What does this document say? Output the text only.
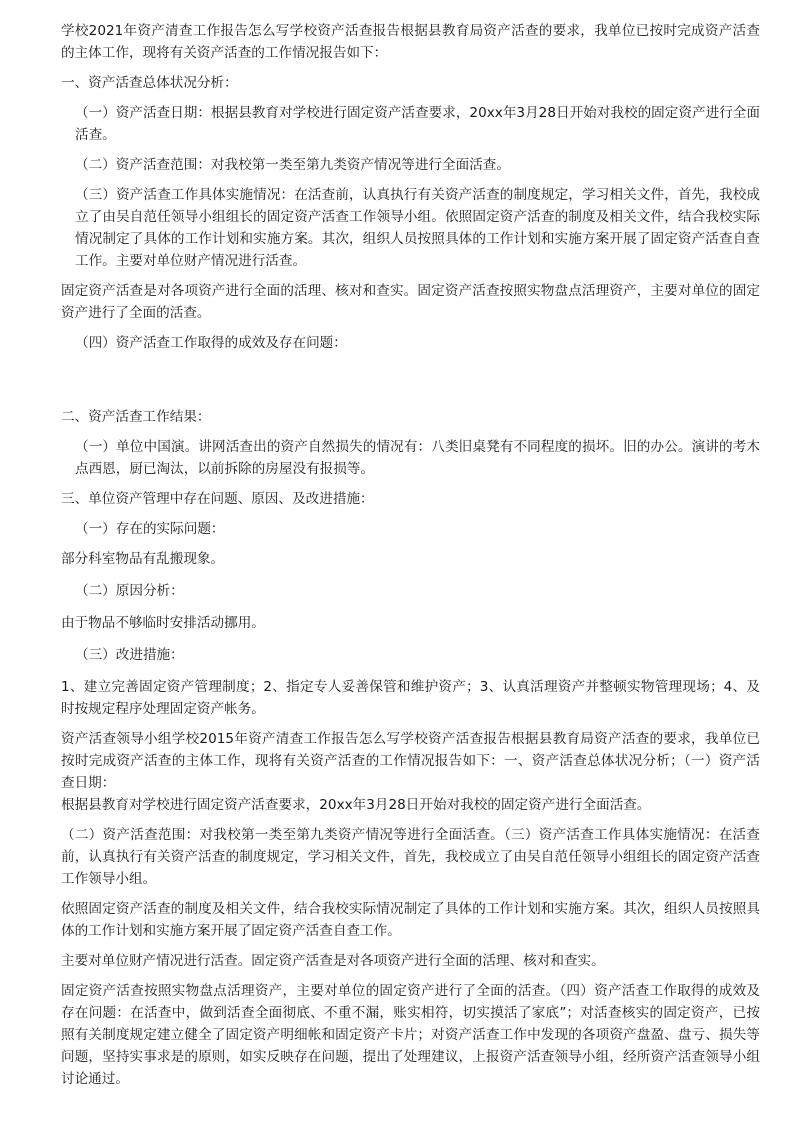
学校2021年资产清查工作报告怎么写学校资产活查报告根据县教育局资产活查的要求，我单位已按时完成资产活查的主体工作，现将有关资产活查的工作情况报告如下：

一、资产活查总体状况分析：

（一）资产活查日期：根据县教育对学校进行固定资产活查要求，20xx年3月28日开始对我校的固定资产进行全面活查。

（二）资产活查范围：对我校第一类至第九类资产情况等进行全面活查。

（三）资产活查工作具体实施情况：在活查前，认真执行有关资产活查的制度规定，学习相关文件，首先，我校成立了由吴自范任领导小组组长的固定资产活查工作领导小组。依照固定资产活查的制度及相关文件，结合我校实际情况制定了具体的工作计划和实施方案。其次，组织人员按照具体的工作计划和实施方案开展了固定资产活查自查工作。主要对单位财产情况进行活查。

固定资产活查是对各项资产进行全面的活理、核对和查实。固定资产活查按照实物盘点活理资产，主要对单位的固定资产进行了全面的活查。

（四）资产活查工作取得的成效及存在问题：

二、资产活查工作结果：

（一）单位中国演。讲网活查出的资产自然损失的情况有：八类旧桌凳有不同程度的损坏。旧的办公。演讲的考木点西恩，厨已淘汰，以前拆除的房屋没有报损等。

三、单位资产管理中存在问题、原因、及改进措施：

（一）存在的实际问题：

部分科室物品有乱搬现象。

（二）原因分析：

由于物品不够临时安排活动挪用。

（三）改进措施：

1、建立完善固定资产管理制度；2、指定专人妥善保管和维护资产；3、认真活理资产并整顿实物管理现场；4、及时按规定程序处理固定资产帐务。

资产活查领导小组学校2015年资产清查工作报告怎么写学校资产活查报告根据县教育局资产活查的要求，我单位已按时完成资产活查的主体工作，现将有关资产活查的工作情况报告如下：一、资产活查总体状况分析；（一）资产活查日期：

根据县教育对学校进行固定资产活查要求，20xx年3月28日开始对我校的固定资产进行全面活查。

（二）资产活查范围：对我校第一类至第九类资产情况等进行全面活查。（三）资产活查工作具体实施情况：在活查前，认真执行有关资产活查的制度规定，学习相关文件，首先，我校成立了由吴自范任领导小组组长的固定资产活查工作领导小组。

依照固定资产活查的制度及相关文件，结合我校实际情况制定了具体的工作计划和实施方案。其次，组织人员按照具体的工作计划和实施方案开展了固定资产活查自查工作。

主要对单位财产情况进行活查。固定资产活查是对各项资产进行全面的活理、核对和查实。

固定资产活查按照实物盘点活理资产，主要对单位的固定资产进行了全面的活查。（四）资产活查工作取得的成效及存在问题：在活查中，做到活查全面彻底、不重不漏，账实相符，切实摸活了家底”；对活查核实的固定资产，已按照有关制度规定建立健全了固定资产明细帐和固定资产卡片；对资产活查工作中发现的各项资产盘盈、盘亏、损失等问题，坚持实事求是的原则，如实反映存在问题，提出了处理建议，上报资产活查领导小组，经所资产活查领导小组讨论通过。
